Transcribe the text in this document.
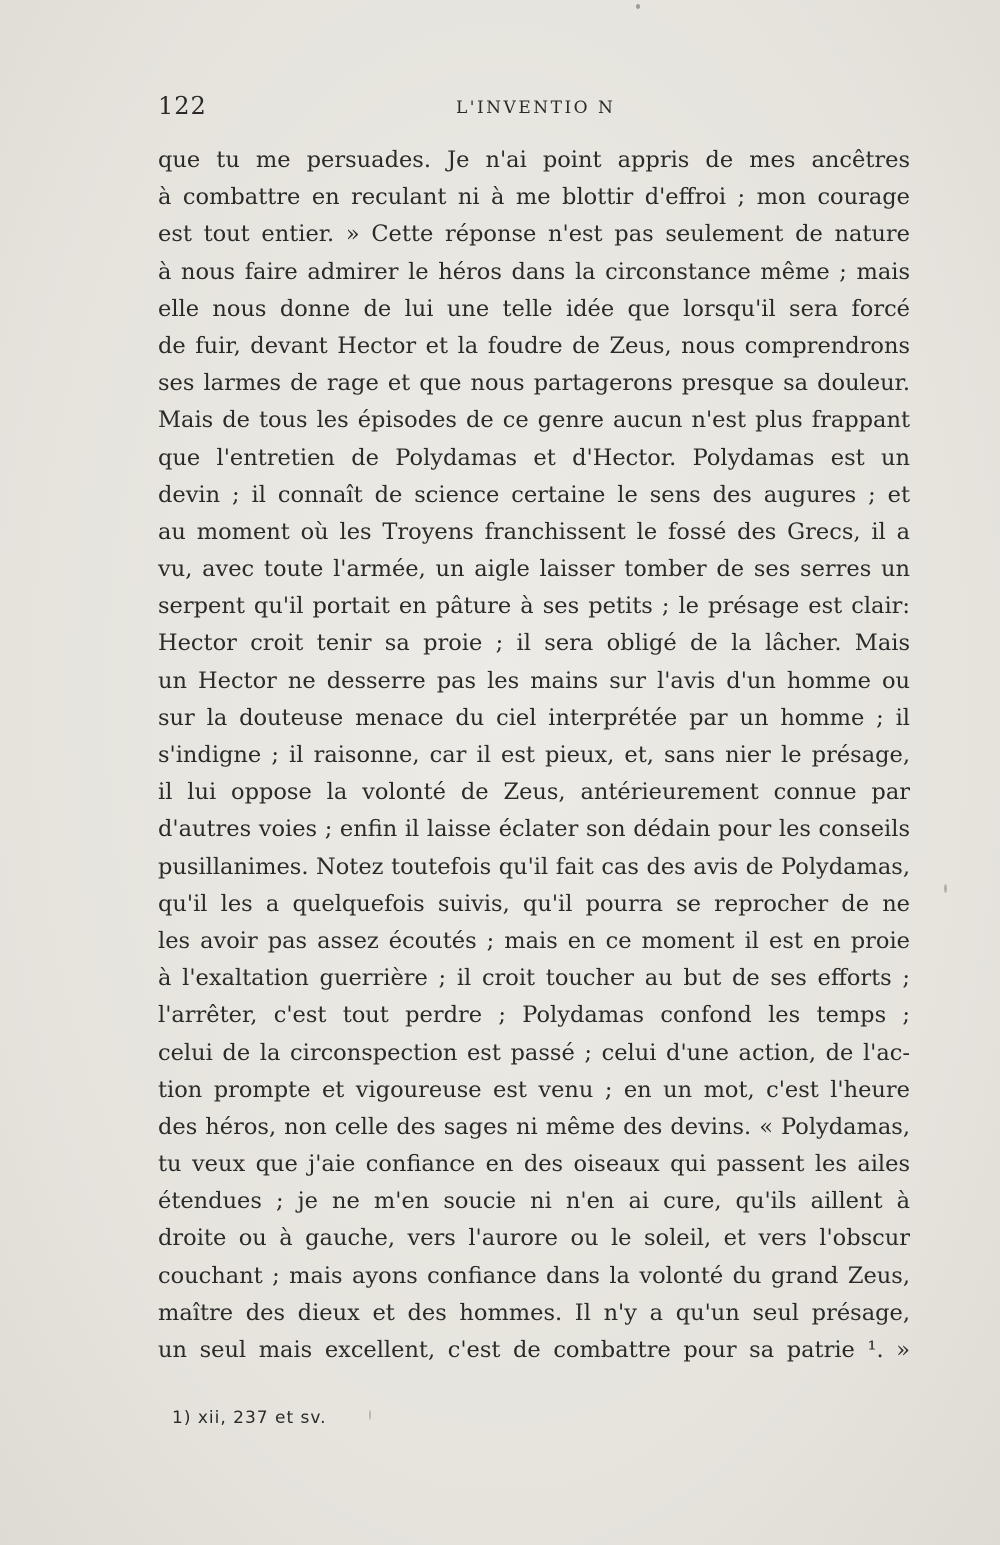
122	L'INVENTIO N
que tu me persuades. Je n'ai point appris de mes ancêtres
à combattre en reculant ni à me blottir d'effroi ; mon courage
est tout entier. » Cette réponse n'est pas seulement de nature
à nous faire admirer le héros dans la circonstance même ; mais
elle nous donne de lui une telle idée que lorsqu'il sera forcé
de fuir, devant Hector et la foudre de Zeus, nous comprendrons
ses larmes de rage et que nous partagerons presque sa douleur.
Mais de tous les épisodes de ce genre aucun n'est plus frappant
que l'entretien de Polydamas et d'Hector. Polydamas est un
devin ; il connaît de science certaine le sens des augures ; et
au moment où les Troyens franchissent le fossé des Grecs, il a
vu, avec toute l'armée, un aigle laisser tomber de ses serres un
serpent qu'il portait en pâture à ses petits ; le présage est clair:
Hector croit tenir sa proie ; il sera obligé de la lâcher. Mais
un Hector ne desserre pas les mains sur l'avis d'un homme ou
sur la douteuse menace du ciel interprétée par un homme ; il
s'indigne ; il raisonne, car il est pieux, et, sans nier le présage,
il lui oppose la volonté de Zeus, antérieurement connue par
d'autres voies ; enfin il laisse éclater son dédain pour les conseils
pusillanimes. Notez toutefois qu'il fait cas des avis de Polydamas,
qu'il les a quelquefois suivis, qu'il pourra se reprocher de ne
les avoir pas assez écoutés ; mais en ce moment il est en proie
à l'exaltation guerrière ; il croit toucher au but de ses efforts ;
l'arrêter, c'est tout perdre ; Polydamas confond les temps ;
celui de la circonspection est passé ; celui d'une action, de l'ac-
tion prompte et vigoureuse est venu ; en un mot, c'est l'heure
des héros, non celle des sages ni même des devins. « Polydamas,
tu veux que j'aie confiance en des oiseaux qui passent les ailes
étendues ; je ne m'en soucie ni n'en ai cure, qu'ils aillent à
droite ou à gauche, vers l'aurore ou le soleil, et vers l'obscur
couchant ; mais ayons confiance dans la volonté du grand Zeus,
maître des dieux et des hommes. Il n'y a qu'un seul présage,
un seul mais excellent, c'est de combattre pour sa patrie ¹. »
1) xii, 237 et sv.
